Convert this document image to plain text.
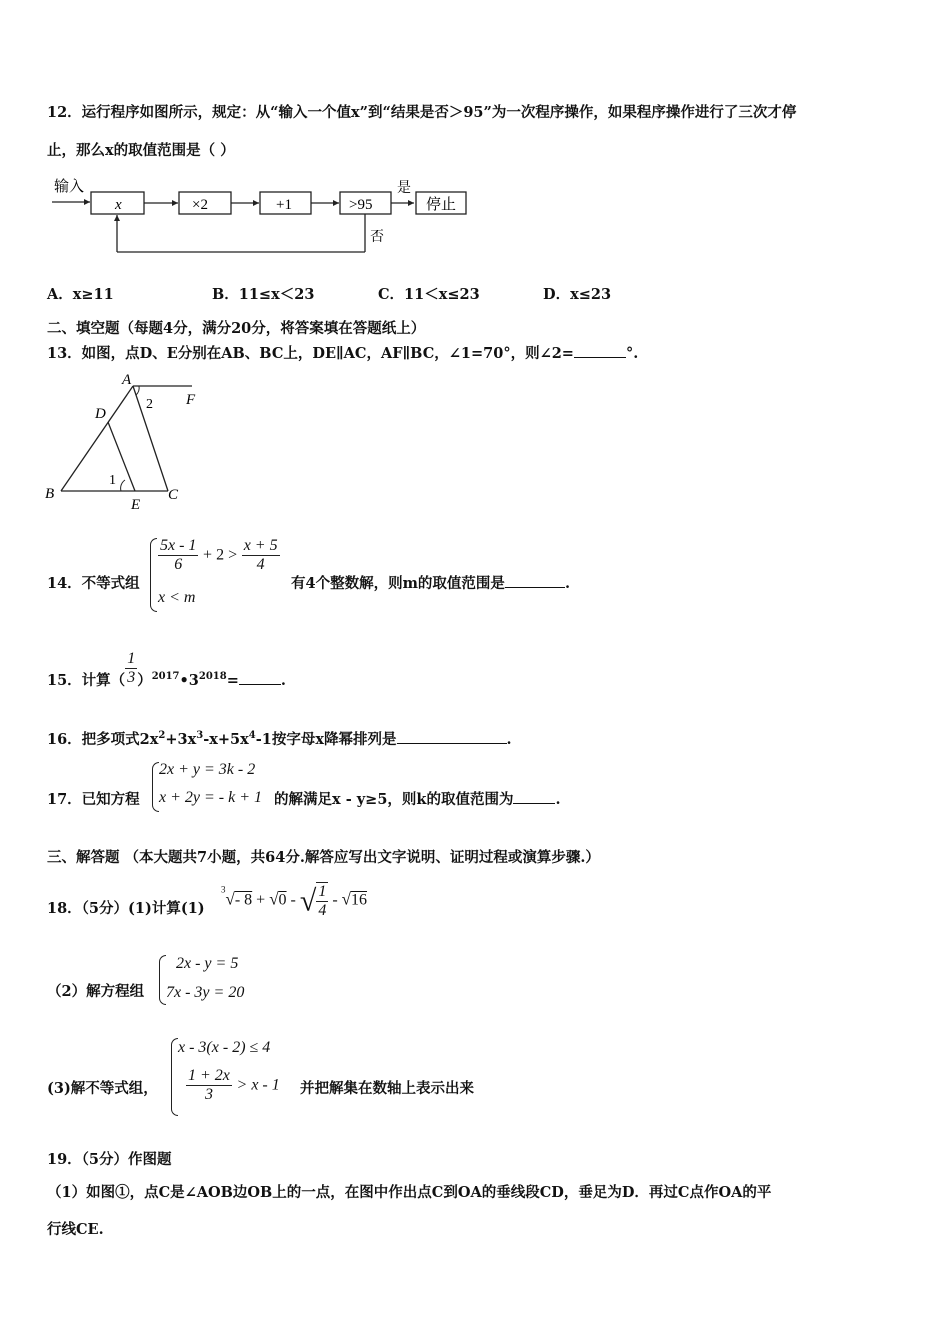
12．运行程序如图所示，规定：从“输入一个值x”到“结果是否＞95”为一次程序操作，如果程序操作进行了三次才停
止，那么x的取值范围是（ ）
输入
x	×2	+1	>95
是
停止
否
A．x≥11	B．11≤x＜23	C．11＜x≤23	D．x≤23
二、填空题（每题4分，满分20分，将答案填在答题纸上）
13．如图，点D、E分别在AB、BC上，DE∥AC，AF∥BC，∠1=70°，则∠2=	°.
A
F
2
D
1
B
E
C
14．不等式组
$\frac{5x - 1}{6} + 2 > \frac{x + 5}{4}$
x < m
有4个整数解，则m的取值范围是	.
15．计算（ $\frac{1}{3}$ ）$^{2017}•3^{2018}=$	.
16．把多项式$2x^2+3x^3-x+5x^4-1$按字母x降幂排列是	.
17．已知方程
2x + y = 3k - 2
x + 2y = - k + 1 的解满足x - y≥5，则k的取值范围为	.
三、解答题 （本大题共7小题，共64分.解答应写出文字说明、证明过程或演算步骤.）
18．（5分）(1)计算(1)
$^3$√- 8 + √0 - √ $\frac{1}{4} - √16$
（2）解方程组
2x - y = 5
7x - 3y = 20
(3)解不等式组，
x - 3(x - 2) ≤ 4
$\frac{1 + 2x}{3} > x - 1$ 并把解集在数轴上表示出来
19．（5分）作图题
（1）如图①，点C是∠AOB边OB上的一点，在图中作出点C到OA的垂线段CD，垂足为D．再过C点作OA的平
行线CE.
